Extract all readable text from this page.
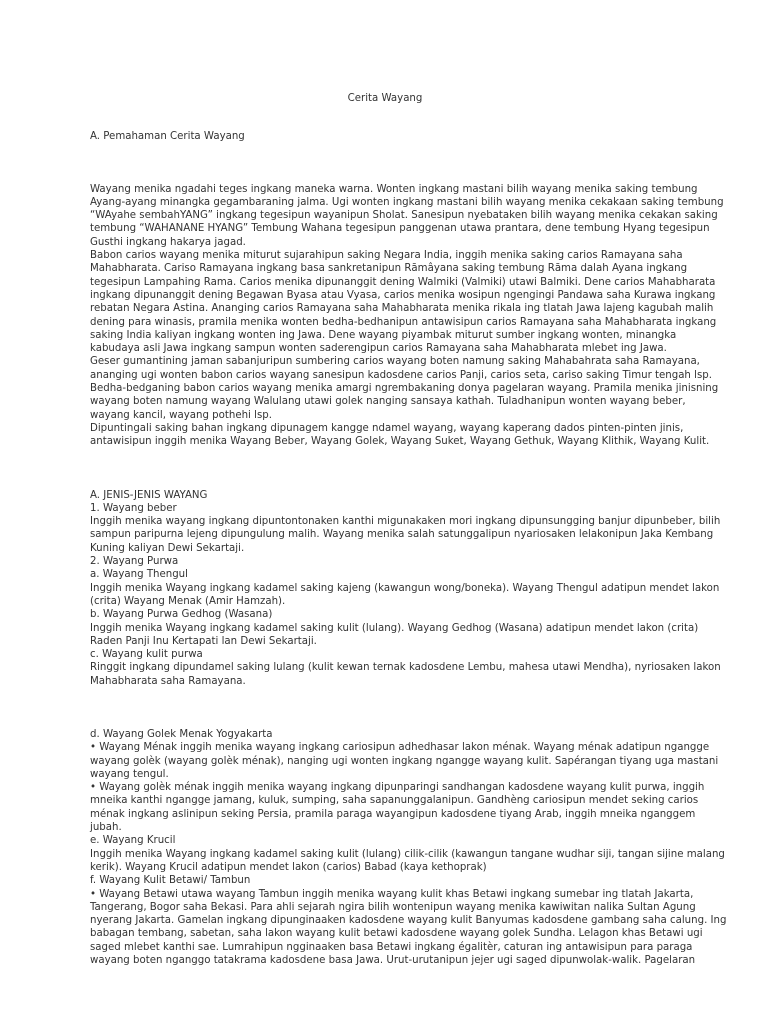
Cerita Wayang
A. Pemahaman Cerita Wayang
Wayang menika ngadahi teges ingkang maneka warna. Wonten ingkang mastani bilih wayang menika saking tembung
Ayang-ayang minangka gegambaraning jalma. Ugi wonten ingkang mastani bilih wayang menika cekakaan saking tembung
“WAyahe sembahYANG” ingkang tegesipun wayanipun Sholat. Sanesipun nyebataken bilih wayang menika cekakan saking
tembung “WAHANANE HYANG” Tembung Wahana tegesipun panggenan utawa prantara, dene tembung Hyang tegesipun
Gusthi ingkang hakarya jagad.
Babon carios wayang menika miturut sujarahipun saking Negara India, inggih menika saking carios Ramayana saha
Mahabharata. Cariso Ramayana ingkang basa sankretanipun Rāmâyana saking tembung Rāma dalah Ayana ingkang
tegesipun Lampahing Rama. Carios menika dipunanggit dening Walmiki (Valmiki) utawi Balmiki. Dene carios Mahabharata
ingkang dipunanggit dening Begawan Byasa atau Vyasa, carios menika wosipun ngengingi Pandawa saha Kurawa ingkang
rebatan Negara Astina. Ananging carios Ramayana saha Mahabharata menika rikala ing tlatah Jawa lajeng kagubah malih
dening para winasis, pramila menika wonten bedha-bedhanipun antawisipun carios Ramayana saha Mahabharata ingkang
saking India kaliyan ingkang wonten ing Jawa. Dene wayang piyambak miturut sumber ingkang wonten, minangka
kabudaya asli Jawa ingkang sampun wonten saderengipun carios Ramayana saha Mahabharata mlebet ing Jawa.
Geser gumantining jaman sabanjuripun sumbering carios wayang boten namung saking Mahabahrata saha Ramayana,
ananging ugi wonten babon carios wayang sanesipun kadosdene carios Panji, carios seta, cariso saking Timur tengah lsp.
Bedha-bedganing babon carios wayang menika amargi ngrembakaning donya pagelaran wayang. Pramila menika jinisning
wayang boten namung wayang Walulang utawi golek nanging sansaya kathah. Tuladhanipun wonten wayang beber,
wayang kancil, wayang pothehi lsp.
Dipuntingali saking bahan ingkang dipunagem kangge ndamel wayang, wayang kaperang dados pinten-pinten jinis,
antawisipun inggih menika Wayang Beber, Wayang Golek, Wayang Suket, Wayang Gethuk, Wayang Klithik, Wayang Kulit.
A. JENIS-JENIS WAYANG
1. Wayang beber
Inggih menika wayang ingkang dipuntontonaken kanthi migunakaken mori ingkang dipunsungging banjur dipunbeber, bilih
sampun paripurna lejeng dipungulung malih. Wayang menika salah satunggalipun nyariosaken lelakonipun Jaka Kembang
Kuning kaliyan Dewi Sekartaji.
2. Wayang Purwa
a. Wayang Thengul
Inggih menika Wayang ingkang kadamel saking kajeng (kawangun wong/boneka). Wayang Thengul adatipun mendet lakon
(crita) Wayang Menak (Amir Hamzah).
b. Wayang Purwa Gedhog (Wasana)
Inggih menika Wayang ingkang kadamel saking kulit (lulang). Wayang Gedhog (Wasana) adatipun mendet lakon (crita)
Raden Panji Inu Kertapati lan Dewi Sekartaji.
c. Wayang kulit purwa
Ringgit ingkang dipundamel saking lulang (kulit kewan ternak kadosdene Lembu, mahesa utawi Mendha), nyriosaken lakon
Mahabharata saha Ramayana.
d. Wayang Golek Menak Yogyakarta
• Wayang Ménak inggih menika wayang ingkang cariosipun adhedhasar lakon ménak. Wayang ménak adatipun ngangge
wayang golèk (wayang golèk ménak), nanging ugi wonten ingkang ngangge wayang kulit. Sapérangan tiyang uga mastani
wayang tengul.
• Wayang golèk ménak inggih menika wayang ingkang dipunparingi sandhangan kadosdene wayang kulit purwa, inggih
mneika kanthi ngangge jamang, kuluk, sumping, saha sapanunggalanipun. Gandhèng cariosipun mendet seking carios
ménak ingkang aslinipun seking Persia, pramila paraga wayangipun kadosdene tiyang Arab, inggih mneika nganggem
jubah.
e. Wayang Krucil
Inggih menika Wayang ingkang kadamel saking kulit (lulang) cilik-cilik (kawangun tangane wudhar siji, tangan sijine malang
kerik). Wayang Krucil adatipun mendet lakon (carios) Babad (kaya kethoprak)
f. Wayang Kulit Betawi/ Tambun
• Wayang Betawi utawa wayang Tambun inggih menika wayang kulit khas Betawi ingkang sumebar ing tlatah Jakarta,
Tangerang, Bogor saha Bekasi. Para ahli sejarah ngira bilih wontenipun wayang menika kawiwitan nalika Sultan Agung
nyerang Jakarta. Gamelan ingkang dipunginaaken kadosdene wayang kulit Banyumas kadosdene gambang saha calung. Ing
babagan tembang, sabetan, saha lakon wayang kulit betawi kadosdene wayang golek Sundha. Lelagon khas Betawi ugi
saged mlebet kanthi sae. Lumrahipun ngginaaken basa Betawi ingkang égalitèr, caturan ing antawisipun para paraga
wayang boten nganggo tatakrama kadosdene basa Jawa. Urut-urutanipun jejer ugi saged dipunwolak-walik. Pagelaran
